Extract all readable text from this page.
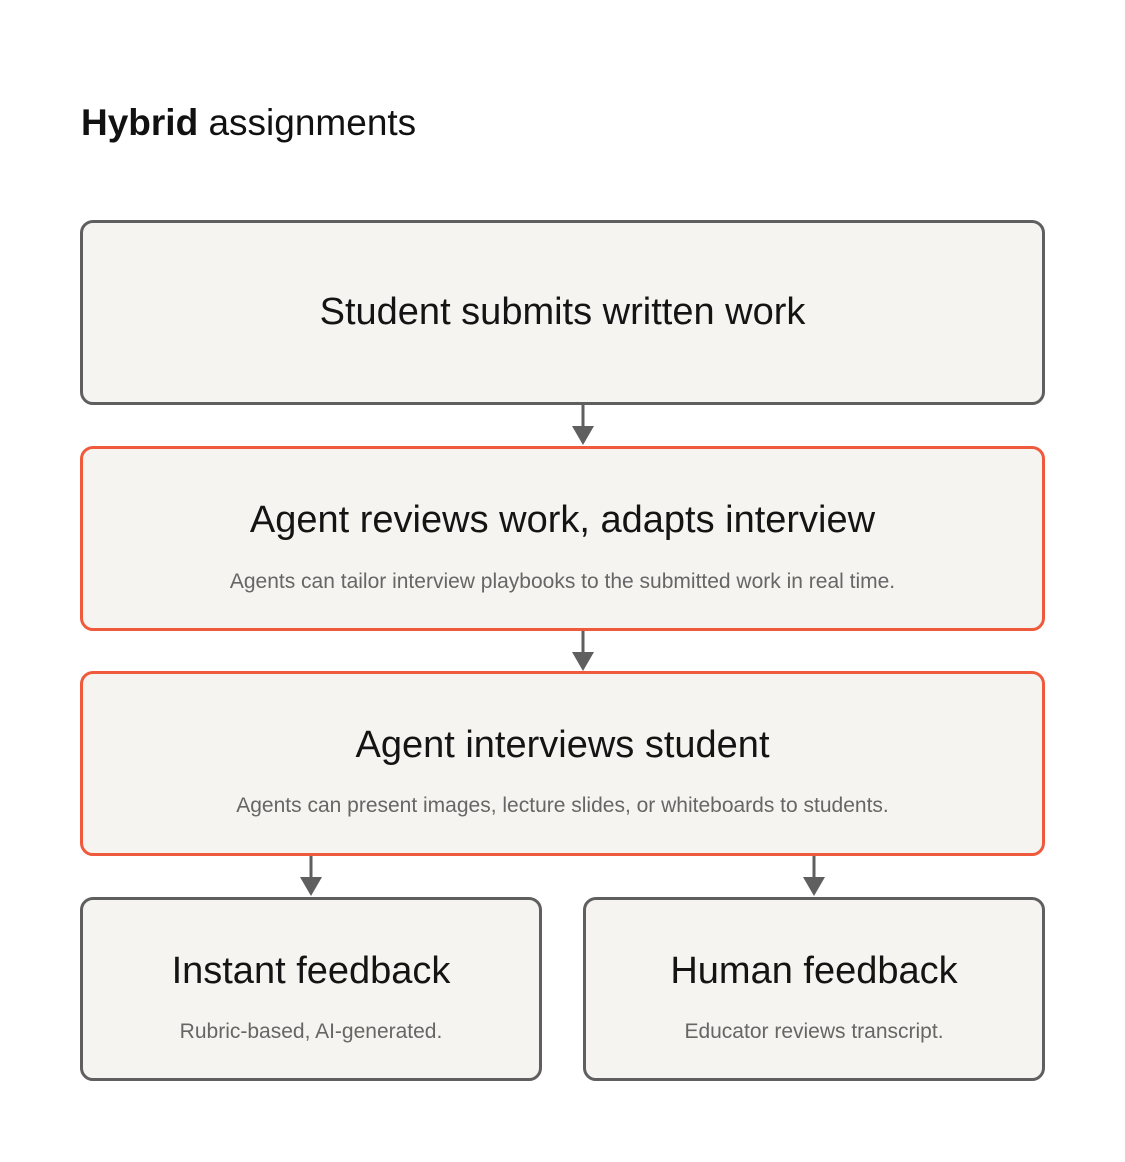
Hybrid assignments
Student submits written work
Agent reviews work, adapts interview
Agents can tailor interview playbooks to the submitted work in real time.
Agent interviews student
Agents can present images, lecture slides, or whiteboards to students.
Instant feedback
Rubric-based, AI-generated.
Human feedback
Educator reviews transcript.
